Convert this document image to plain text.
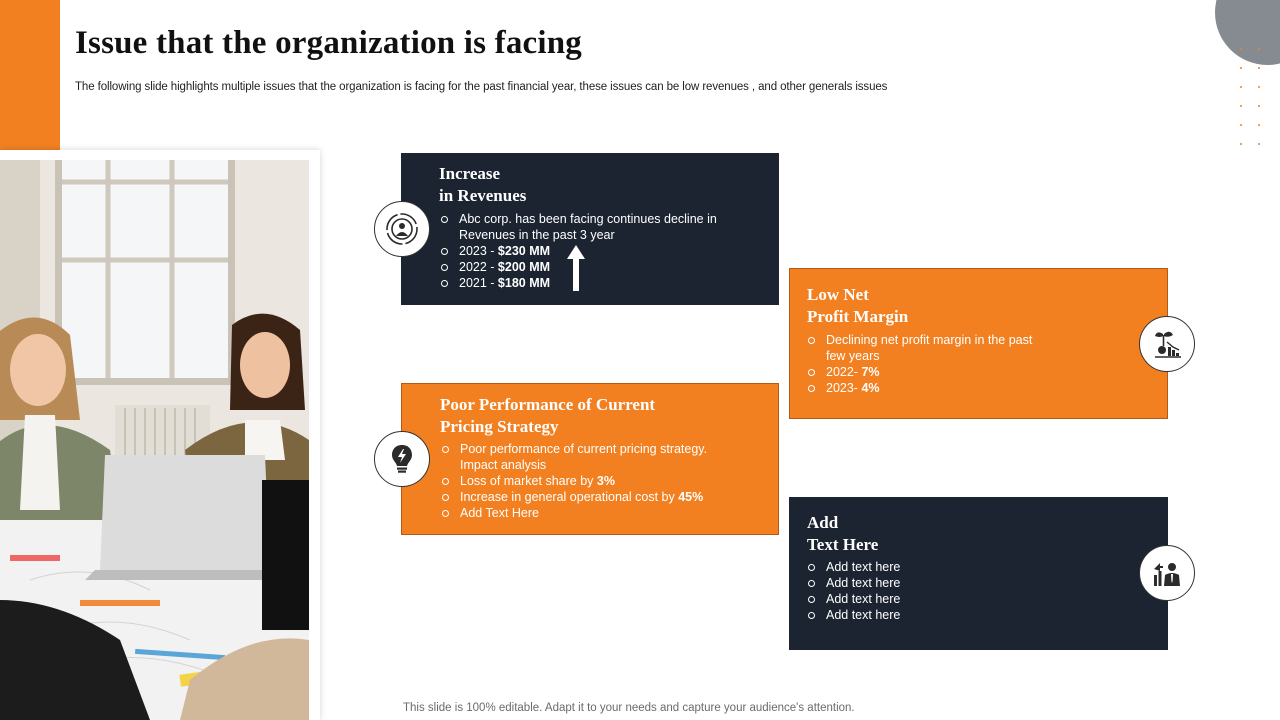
Issue that the organization is facing

The following slide highlights multiple issues that the organization is facing for the past financial year, these issues can be low revenues , and other generals issues

Increase
in Revenues
Abc corp. has been facing continues decline in
Revenues in the past 3 year
2023 - $230 MM
2022 - $200 MM
2021 - $180 MM
Low Net
Profit Margin
Declining net profit margin in the past
few years
2022- 7%
2023- 4%
Poor Performance of Current
Pricing Strategy
Poor performance of current pricing strategy.
Impact analysis
Loss of market share by 3%
Increase in general operational cost by 45%
Add Text Here	Add
Text Here
Add text here
Add text here
Add text here
Add text here
This slide is 100% editable. Adapt it to your needs and capture your audience's attention.
